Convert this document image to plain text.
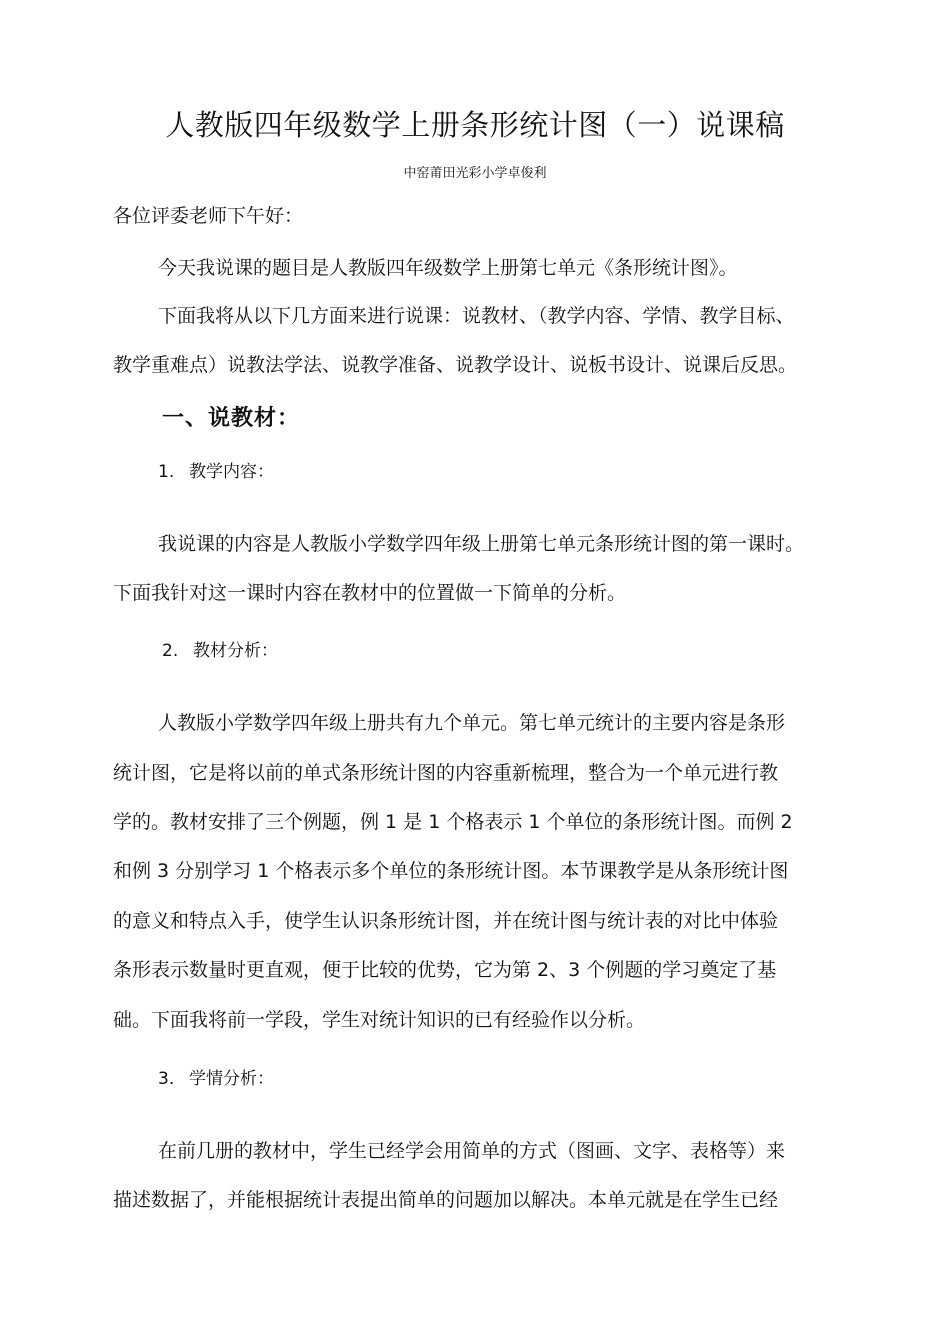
人教版四年级数学上册条形统计图（一）说课稿
中窑莆田光彩小学卓俊利
各位评委老师下午好：
今天我说课的题目是人教版四年级数学上册第七单元《条形统计图》。
下面我将从以下几方面来进行说课：说教材、（教学内容、学情、教学目标、
教学重难点）说教法学法、说教学准备、说教学设计、说板书设计、说课后反思。
一、说教材：
1. 教学内容：
我说课的内容是人教版小学数学四年级上册第七单元条形统计图的第一课时。
下面我针对这一课时内容在教材中的位置做一下简单的分析。
2. 教材分析：
人教版小学数学四年级上册共有九个单元。第七单元统计的主要内容是条形
统计图，它是将以前的单式条形统计图的内容重新梳理，整合为一个单元进行教
学的。教材安排了三个例题，例 1 是 1 个格表示 1 个单位的条形统计图。而例 2
和例 3 分别学习 1 个格表示多个单位的条形统计图。本节课教学是从条形统计图
的意义和特点入手，使学生认识条形统计图，并在统计图与统计表的对比中体验
条形表示数量时更直观，便于比较的优势，它为第 2、3 个例题的学习奠定了基
础。下面我将前一学段，学生对统计知识的已有经验作以分析。
3. 学情分析：
在前几册的教材中，学生已经学会用简单的方式（图画、文字、表格等）来
描述数据了，并能根据统计表提出简单的问题加以解决。本单元就是在学生已经
